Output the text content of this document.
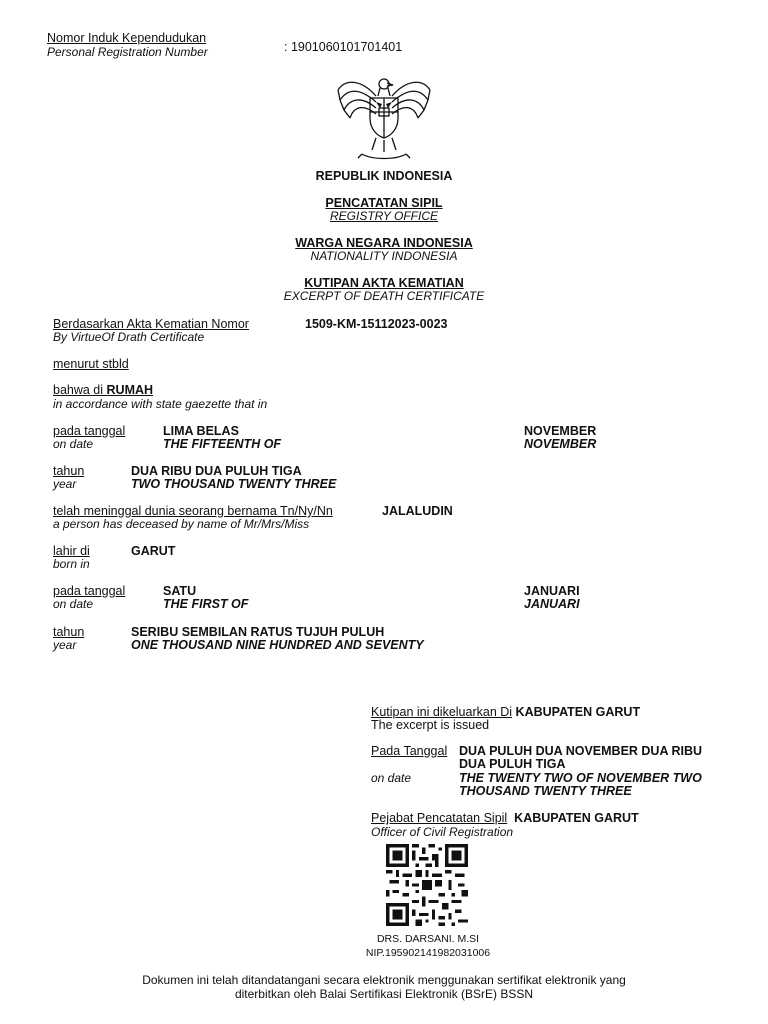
Nomor Induk Kependudukan
Personal Registration Number	: 1901060101701401
REPUBLIK INDONESIA
PENCATATAN SIPIL
REGISTRY OFFICE
WARGA NEGARA INDONESIA
NATIONALITY INDONESIA
KUTIPAN AKTA KEMATIAN
EXCERPT OF DEATH CERTIFICATE
Berdasarkan Akta Kematian Nomor
By VirtueOf Drath Certificate
1509-KM-15112023-0023
menurut stbld
bahwa di RUMAH
in accordance with state gaezette that in
pada tanggal
on date
LIMA BELAS
THE FIFTEENTH OF
NOVEMBER
NOVEMBER
tahun
year
DUA RIBU DUA PULUH TIGA
TWO THOUSAND TWENTY THREE
telah meninggal dunia seorang bernama Tn/Ny/Nn
a person has deceased by name of Mr/Mrs/Miss
JALALUDIN
lahir di
born in
GARUT
pada tanggal
on date
SATU
THE FIRST OF
JANUARI
JANUARI
tahun
year
SERIBU SEMBILAN RATUS TUJUH PULUH
ONE THOUSAND NINE HUNDRED AND SEVENTY
Kutipan ini dikeluarkan Di KABUPATEN GARUT
The excerpt is issued
Pada Tanggal DUA PULUH DUA NOVEMBER DUA RIBU
DUA PULUH TIGA
on date	THE TWENTY TWO OF NOVEMBER TWO
THOUSAND TWENTY THREE
Pejabat Pencatatan Sipil KABUPATEN GARUT
Officer of Civil Registration
DRS. DARSANI. M.SI
NIP.195902141982031006
Dokumen ini telah ditandatangani secara elektronik menggunakan sertifikat elektronik yang
diterbitkan oleh Balai Sertifikasi Elektronik (BSrE) BSSN
